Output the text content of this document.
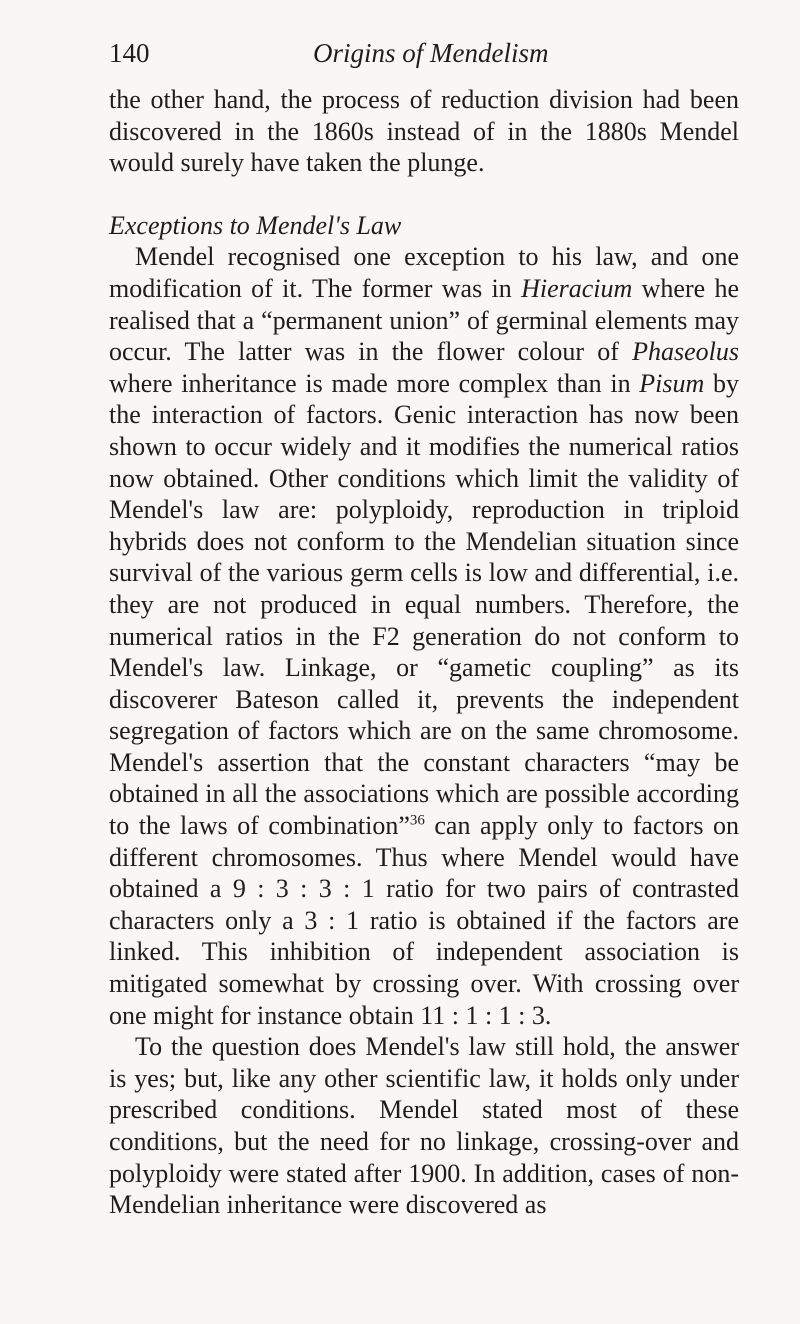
140	Origins of Mendelism

the other hand, the process of reduction division had been discovered in the 1860s instead of in the 1880s Mendel would surely have taken the plunge.

Exceptions to Mendel's Law

 Mendel recognised one exception to his law, and one modification of it. The former was in Hieracium where he realised that a “permanent union” of germinal elements may occur. The latter was in the flower colour of Phaseolus where inheritance is made more complex than in Pisum by the interaction of factors. Genic interaction has now been shown to occur widely and it modifies the numerical ratios now obtained. Other conditions which limit the validity of Mendel's law are: polyploidy, reproduction in triploid hybrids does not conform to the Mendelian situation since survival of the various germ cells is low and differential, i.e. they are not produced in equal numbers. Therefore, the numerical ratios in the F2 generation do not conform to Mendel's law. Linkage, or “gametic coupling” as its discoverer Bateson called it, prevents the independent segregation of factors which are on the same chromosome. Mendel's assertion that the constant characters “may be obtained in all the associations which are possible according to the laws of combination”$^{36}$ can apply only to factors on different chromosomes. Thus where Mendel would have obtained a 9 : 3 : 3 : 1 ratio for two pairs of contrasted characters only a 3 : 1 ratio is obtained if the factors are linked. This inhibition of independent association is mitigated somewhat by crossing over. With crossing over one might for instance obtain 11 : 1 : 1 : 3.

 To the question does Mendel's law still hold, the answer is yes; but, like any other scientific law, it holds only under prescribed conditions. Mendel stated most of these conditions, but the need for no linkage, crossing-over and polyploidy were stated after 1900. In addition, cases of non-Mendelian inheritance were discovered as
